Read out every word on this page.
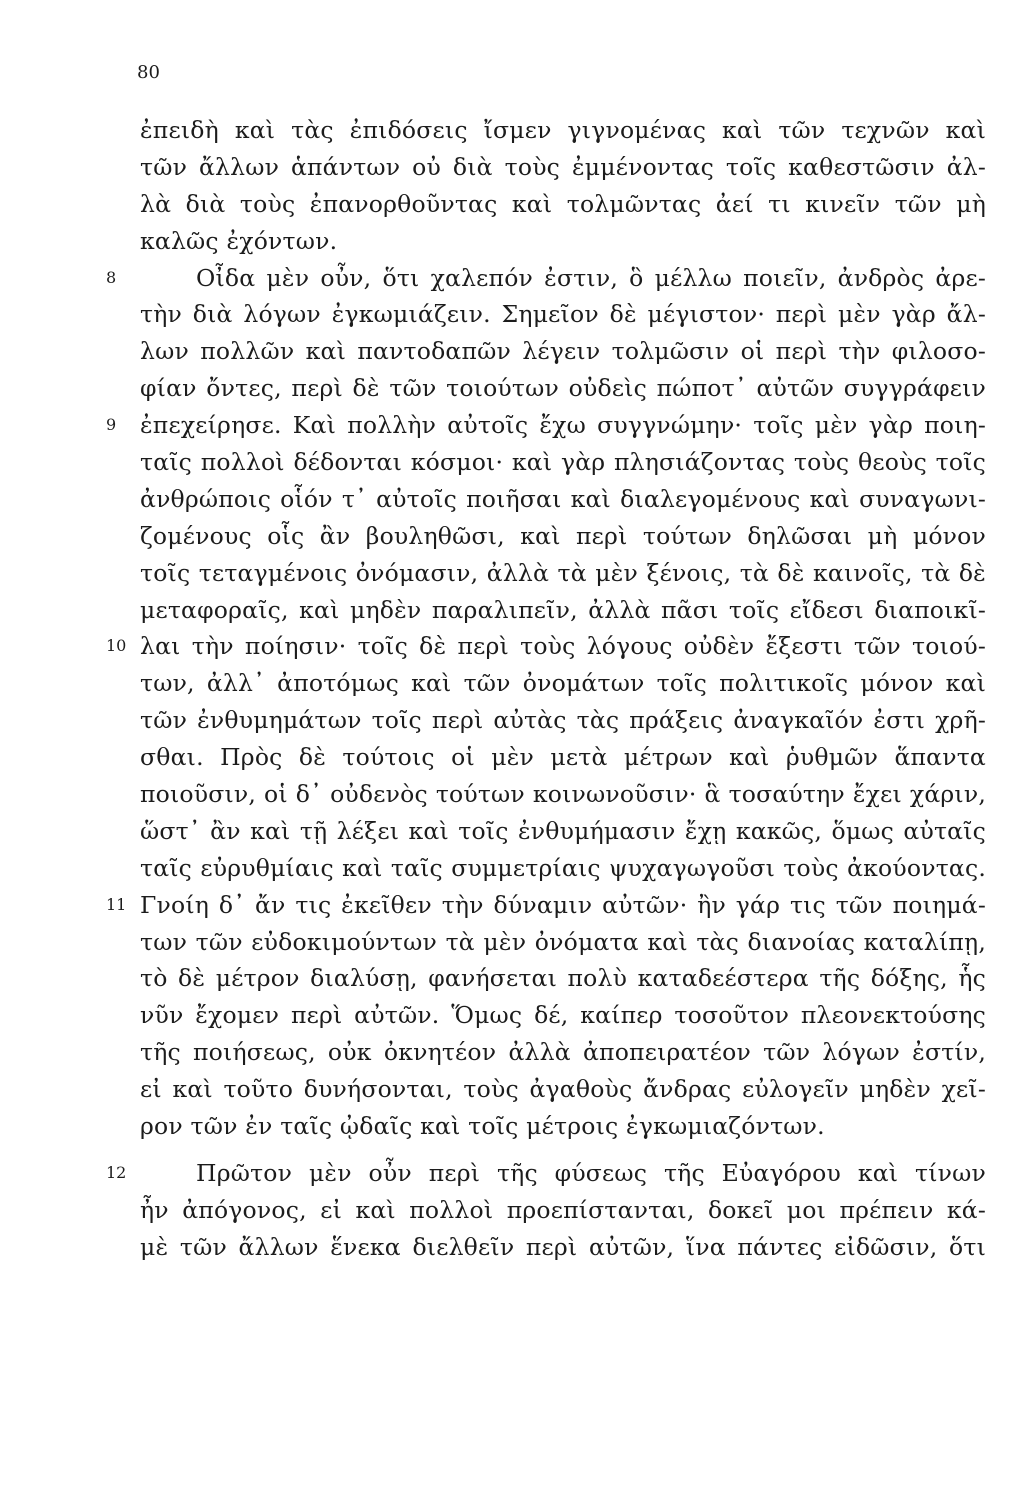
80
ἐπειδὴ καὶ τὰς ἐπιδόσεις ἴσμεν γιγνομένας καὶ τῶν τεχνῶν καὶ
τῶν ἄλλων ἁπάντων οὐ διὰ τοὺς ἐμμένοντας τοῖς καθεστῶσιν ἀλ-
λὰ διὰ τοὺς ἐπανορθοῦντας καὶ τολμῶντας ἀεί τι κινεῖν τῶν μὴ
καλῶς ἐχόντων.
8	Οἶδα μὲν οὖν, ὅτι χαλεπόν ἐστιν, ὃ μέλλω ποιεῖν, ἀνδρὸς ἀρε-
τὴν διὰ λόγων ἐγκωμιάζειν. Σημεῖον δὲ μέγιστον· περὶ μὲν γὰρ ἄλ-
λων πολλῶν καὶ παντοδαπῶν λέγειν τολμῶσιν οἱ περὶ τὴν φιλοσο-
φίαν ὄντες, περὶ δὲ τῶν τοιούτων οὐδεὶς πώποτ᾽ αὐτῶν συγγράφειν
9	ἐπεχείρησε. Καὶ πολλὴν αὐτοῖς ἔχω συγγνώμην· τοῖς μὲν γὰρ ποιη-
ταῖς πολλοὶ δέδονται κόσμοι· καὶ γὰρ πλησιάζοντας τοὺς θεοὺς τοῖς
ἀνθρώποις οἷόν τ᾽ αὐτοῖς ποιῆσαι καὶ διαλεγομένους καὶ συναγωνι-
ζομένους οἷς ἂν βουληθῶσι, καὶ περὶ τούτων δηλῶσαι μὴ μόνον
τοῖς τεταγμένοις ὀνόμασιν, ἀλλὰ τὰ μὲν ξένοις, τὰ δὲ καινοῖς, τὰ δὲ
μεταφοραῖς, καὶ μηδὲν παραλιπεῖν, ἀλλὰ πᾶσι τοῖς εἴδεσι διαποικῖ-
10 λαι τὴν ποίησιν· τοῖς δὲ περὶ τοὺς λόγους οὐδὲν ἔξεστι τῶν τοιού-
των, ἀλλ᾽ ἀποτόμως καὶ τῶν ὀνομάτων τοῖς πολιτικοῖς μόνον καὶ
τῶν ἐνθυμημάτων τοῖς περὶ αὐτὰς τὰς πράξεις ἀναγκαῖόν ἐστι χρῆ-
σθαι. Πρὸς δὲ τούτοις οἱ μὲν μετὰ μέτρων καὶ ῥυθμῶν ἅπαντα
ποιοῦσιν, οἱ δ᾽ οὐδενὸς τούτων κοινωνοῦσιν· ἃ τοσαύτην ἔχει χάριν,
ὥστ᾽ ἂν καὶ τῇ λέξει καὶ τοῖς ἐνθυμήμασιν ἔχῃ κακῶς, ὅμως αὐταῖς
ταῖς εὐρυθμίαις καὶ ταῖς συμμετρίαις ψυχαγωγοῦσι τοὺς ἀκούοντας.
11 Γνοίη δ᾽ ἄν τις ἐκεῖθεν τὴν δύναμιν αὐτῶν· ἢν γάρ τις τῶν ποιημά-
των τῶν εὐδοκιμούντων τὰ μὲν ὀνόματα καὶ τὰς διανοίας καταλίπῃ,
τὸ δὲ μέτρον διαλύσῃ, φανήσεται πολὺ καταδεέστερα τῆς δόξης, ἧς
νῦν ἔχομεν περὶ αὐτῶν. Ὅμως δέ, καίπερ τοσοῦτον πλεονεκτούσης
τῆς ποιήσεως, οὐκ ὀκνητέον ἀλλὰ ἀποπειρατέον τῶν λόγων ἐστίν,
εἰ καὶ τοῦτο δυνήσονται, τοὺς ἀγαθοὺς ἄνδρας εὐλογεῖν μηδὲν χεῖ-
ρον τῶν ἐν ταῖς ᾠδαῖς καὶ τοῖς μέτροις ἐγκωμιαζόντων.
12	Πρῶτον μὲν οὖν περὶ τῆς φύσεως τῆς Εὐαγόρου καὶ τίνων
ἦν ἀπόγονος, εἰ καὶ πολλοὶ προεπίστανται, δοκεῖ μοι πρέπειν κά-
μὲ τῶν ἄλλων ἕνεκα διελθεῖν περὶ αὐτῶν, ἵνα πάντες εἰδῶσιν, ὅτι
